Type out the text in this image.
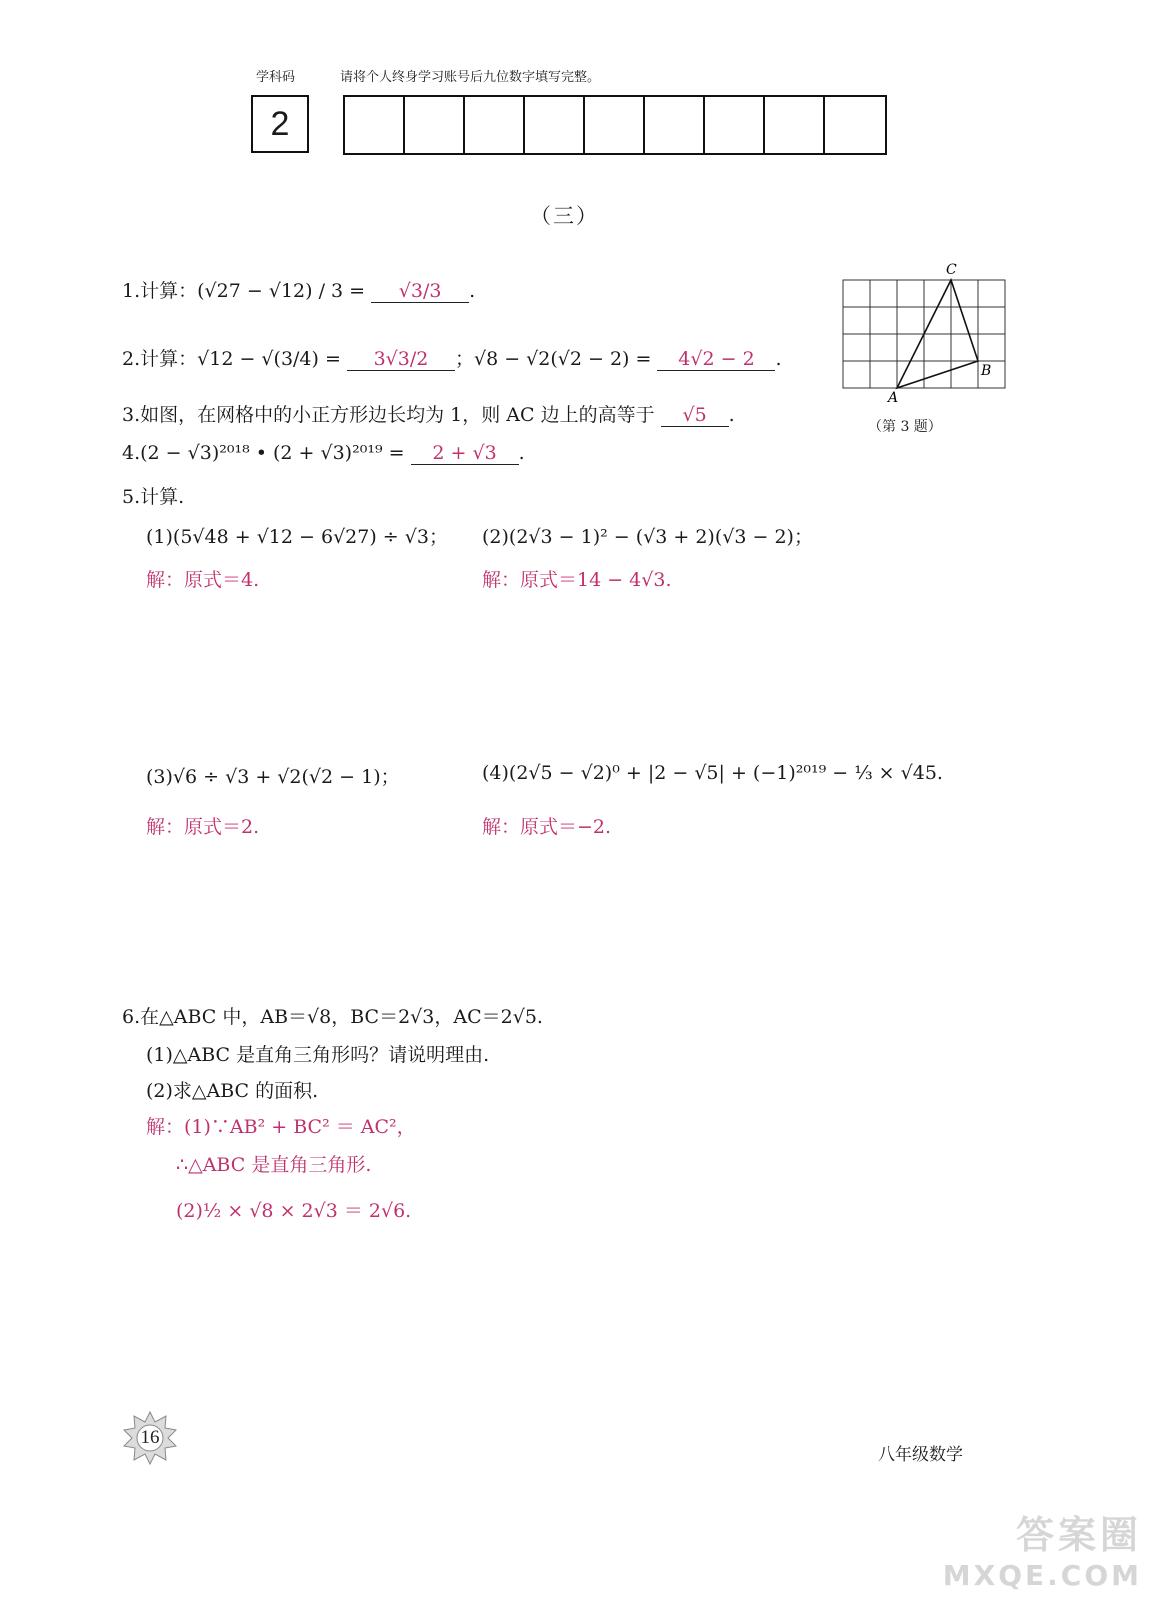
学科码	请将个人终身学习账号后九位数字填写完整。
2
（三）
1.计算：(√27 − √12) / 3 = √3/3 .
2.计算：√12 − √(3/4) = 3√3/2 ；√8 − √2(√2 − 2) = 4√2 − 2 .
3.如图，在网格中的小正方形边长均为 1，则 AC 边上的高等于 √5 .
4.(2 − √3)²⁰¹⁸ • (2 + √3)²⁰¹⁹ = 2 + √3 .
5.计算.
(1)(5√48 + √12 − 6√27) ÷ √3；
解：原式＝4.
(2)(2√3 − 1)² − (√3 + 2)(√3 − 2)；
解：原式＝14 − 4√3.
(3)√6 ÷ √3 + √2(√2 − 1)；
解：原式＝2.
(4)(2√5 − √2)⁰ + |2 − √5| + (−1)²⁰¹⁹ − ⅓ × √45.
解：原式＝−2.
6.在△ABC 中，AB＝√8，BC＝2√3，AC＝2√5.
(1)△ABC 是直角三角形吗？请说明理由.
(2)求△ABC 的面积.
解：(1)∵AB² + BC² ＝ AC²，
∴△ABC 是直角三角形.
(2)½ × √8 × 2√3 ＝ 2√6.
A
B
C
（第 3 题）
16
八年级数学
答案圈
MXQE.COM
